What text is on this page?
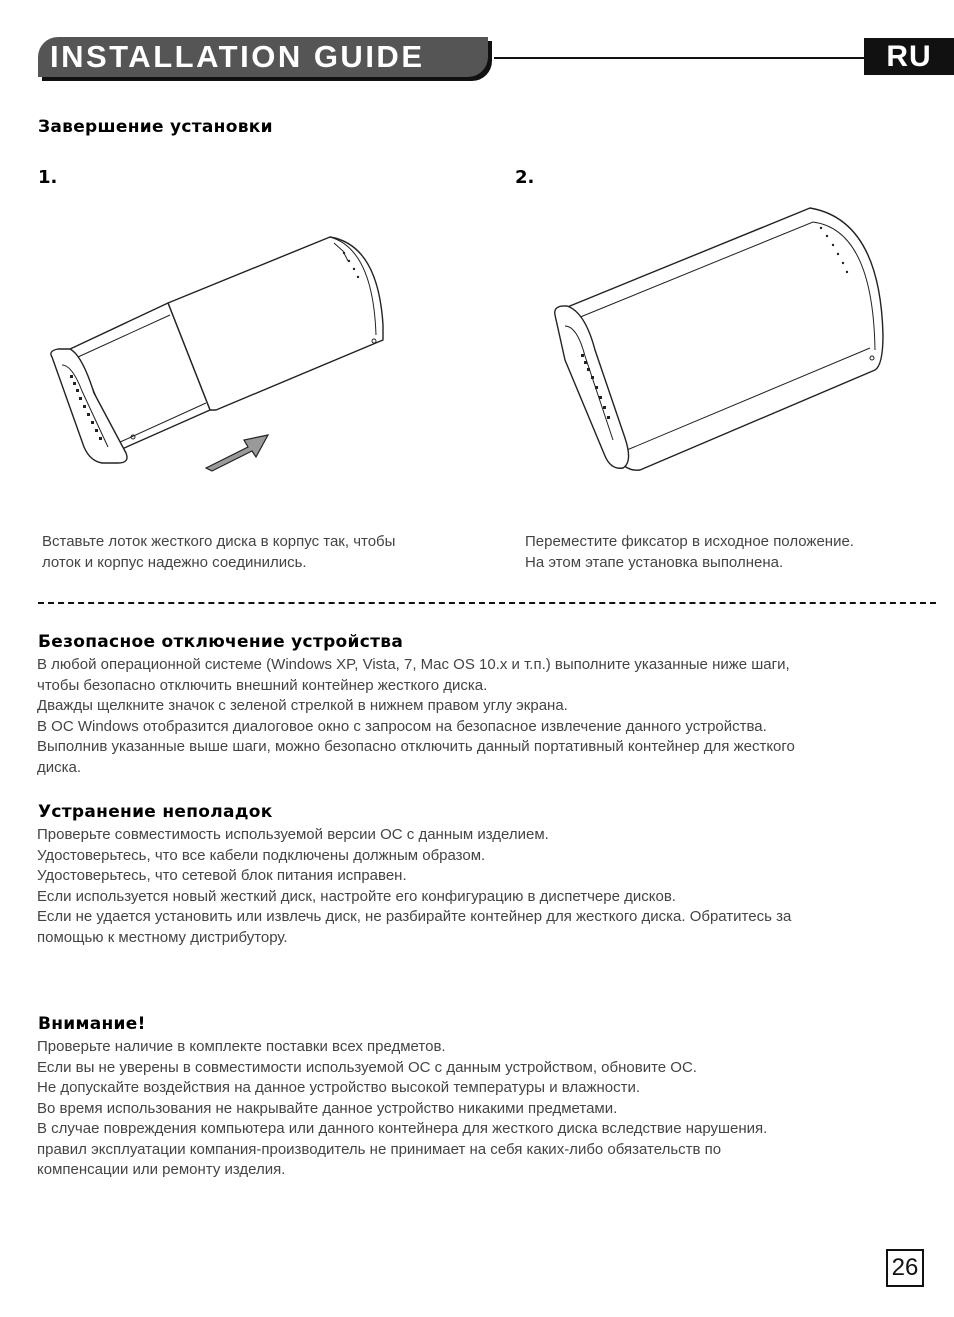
INSTALLATION GUIDE	RU
Завершение установки
1.	2.
Вставьте лоток жесткого диска в корпус так, чтобы
лоток и корпус надежно соединились.
Переместите фиксатор в исходное положение.
На этом этапе установка выполнена.
Безопасное отключение устройства
В любой операционной системе (Windows XP, Vista, 7, Mac OS 10.x и т.п.) выполните указанные ниже шаги,
чтобы безопасно отключить внешний контейнер жесткого диска.
Дважды щелкните значок с зеленой стрелкой в нижнем правом углу экрана.
В ОС Windows отобразится диалоговое окно с запросом на безопасное извлечение данного устройства.
Выполнив указанные выше шаги, можно безопасно отключить данный портативный контейнер для жесткого
диска.
Устранение неполадок
Проверьте совместимость используемой версии ОС с данным изделием.
Удостоверьтесь, что все кабели подключены должным образом.
Удостоверьтесь, что сетевой блок питания исправен.
Если используется новый жесткий диск, настройте его конфигурацию в диспетчере дисков.
Если не удается установить или извлечь диск, не разбирайте контейнер для жесткого диска. Обратитесь за
помощью к местному дистрибутору.
Внимание!
Проверьте наличие в комплекте поставки всех предметов.
Если вы не уверены в совместимости используемой ОС с данным устройством, обновите ОС.
Не допускайте воздействия на данное устройство высокой температуры и влажности.
Во время использования не накрывайте данное устройство никакими предметами.
В случае повреждения компьютера или данного контейнера для жесткого диска вследствие нарушения.
правил эксплуатации компания-производитель не принимает на себя каких-либо обязательств по
компенсации или ремонту изделия.
26
